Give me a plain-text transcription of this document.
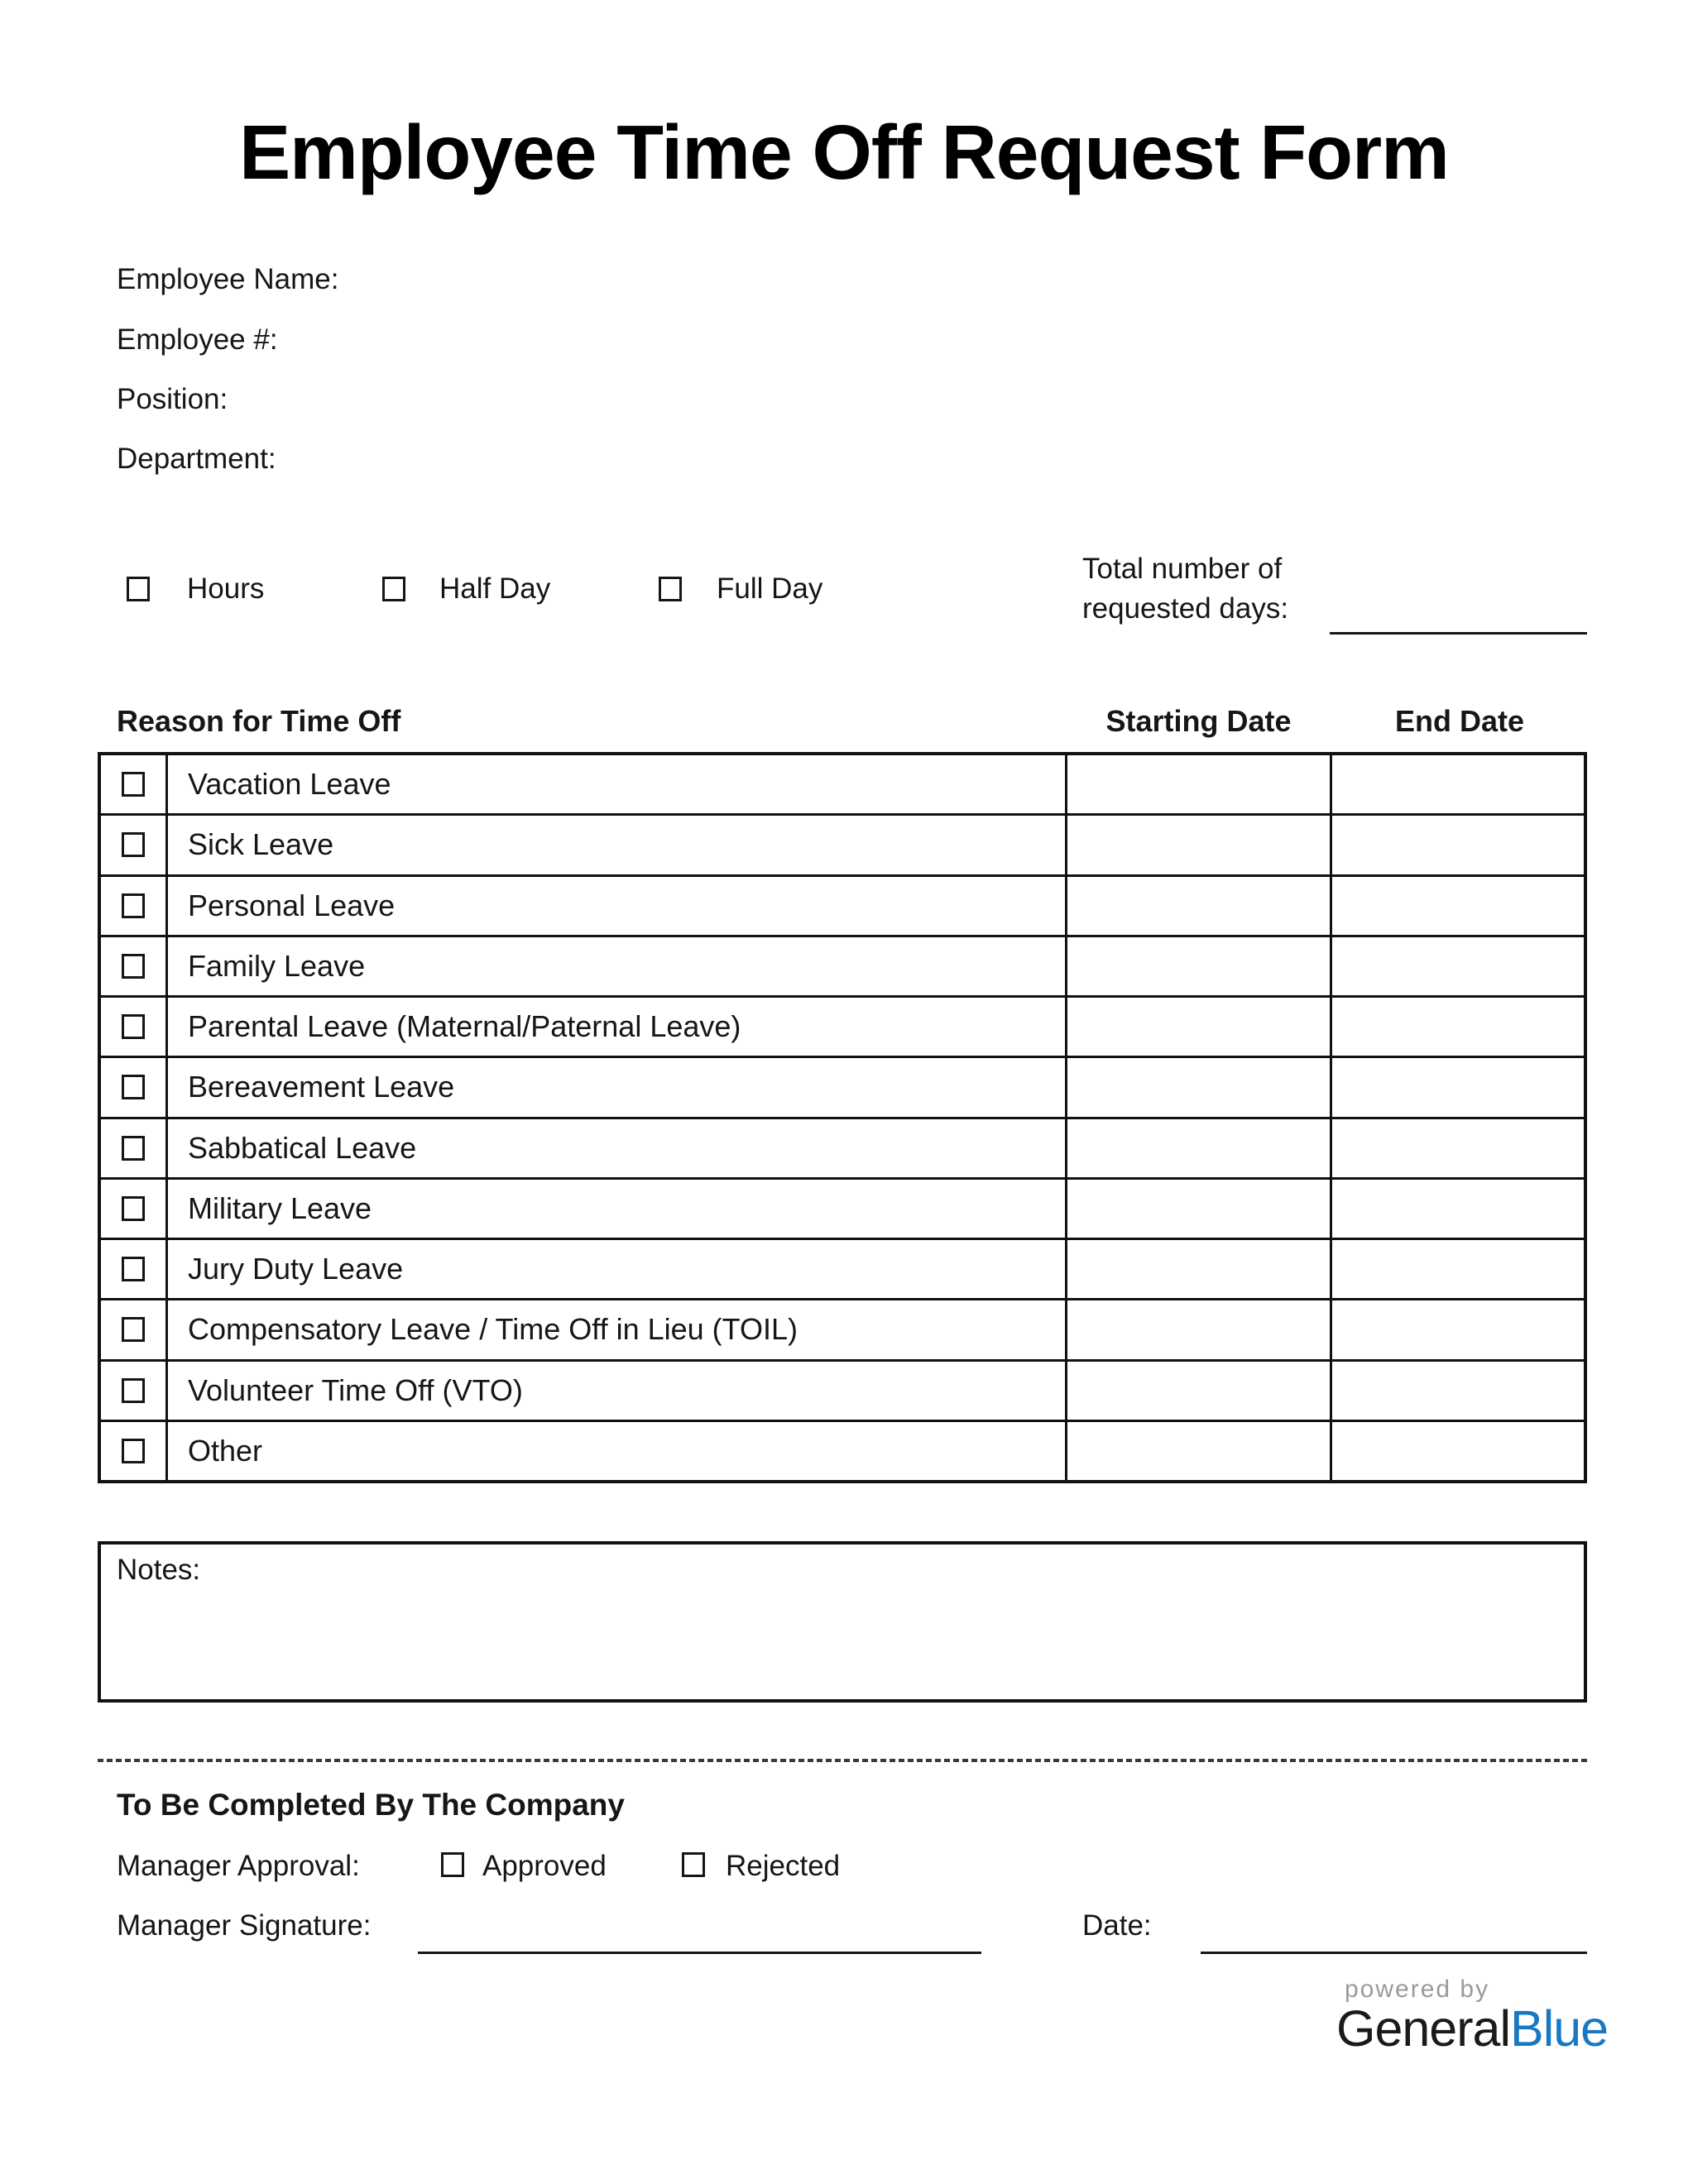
Employee Time Off Request Form
Employee Name:
Employee #:
Position:
Department:
Hours	Half Day	Full Day
Total number of
requested days:
Reason for Time Off	Starting Date	End Date
Vacation Leave
Sick Leave
Personal Leave
Family Leave
Parental Leave (Maternal/Paternal Leave)
Bereavement Leave
Sabbatical Leave
Military Leave
Jury Duty Leave
Compensatory Leave / Time Off in Lieu (TOIL)
Volunteer Time Off (VTO)
Other
Notes:
To Be Completed By The Company
Manager Approval:	Approved	Rejected
Manager Signature:	Date:
powered by
GeneralBlue
